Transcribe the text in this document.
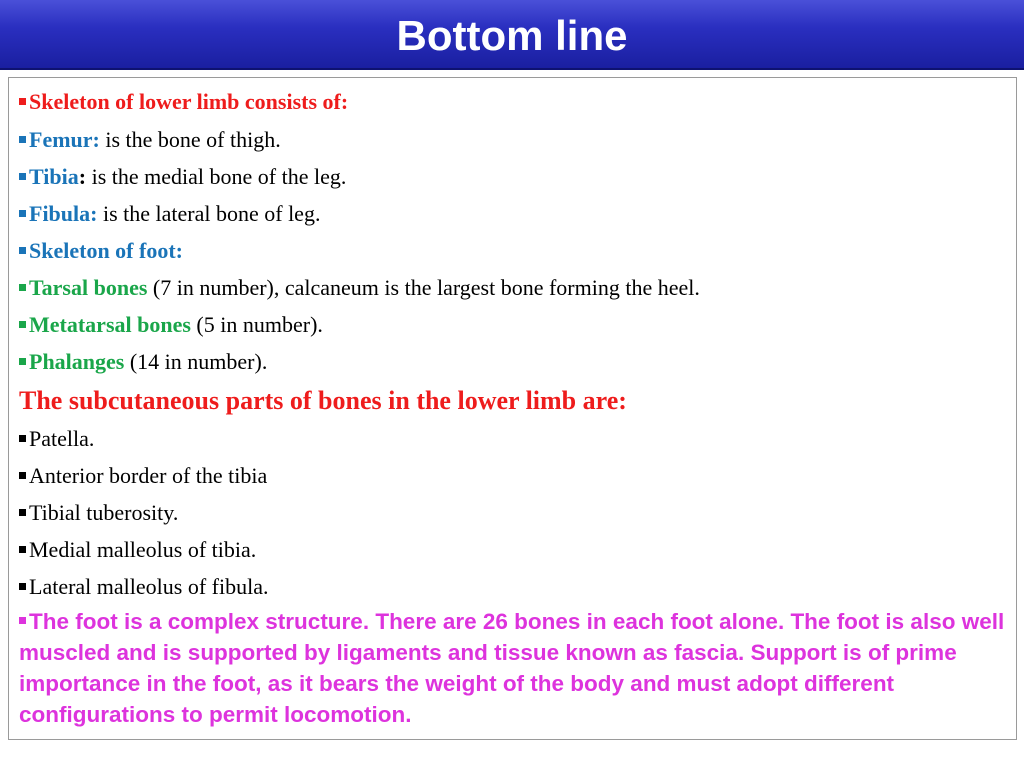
Bottom line
Skeleton of lower limb consists of:
Femur: is the bone of thigh.
Tibia: is the medial bone of the leg.
Fibula: is the lateral bone of leg.
Skeleton of foot:
Tarsal bones (7 in number), calcaneum is the largest bone forming the heel.
Metatarsal bones (5 in number).
Phalanges (14 in number).
The subcutaneous parts of bones in the lower limb are:
Patella.
Anterior border of the tibia
Tibial tuberosity.
Medial malleolus of tibia.
Lateral malleolus of fibula.
The foot is a complex structure. There are 26 bones in each foot alone. The foot is also well muscled and is supported by ligaments and tissue known as fascia. Support is of prime importance in the foot, as it bears the weight of the body and must adopt different configurations to permit locomotion.
